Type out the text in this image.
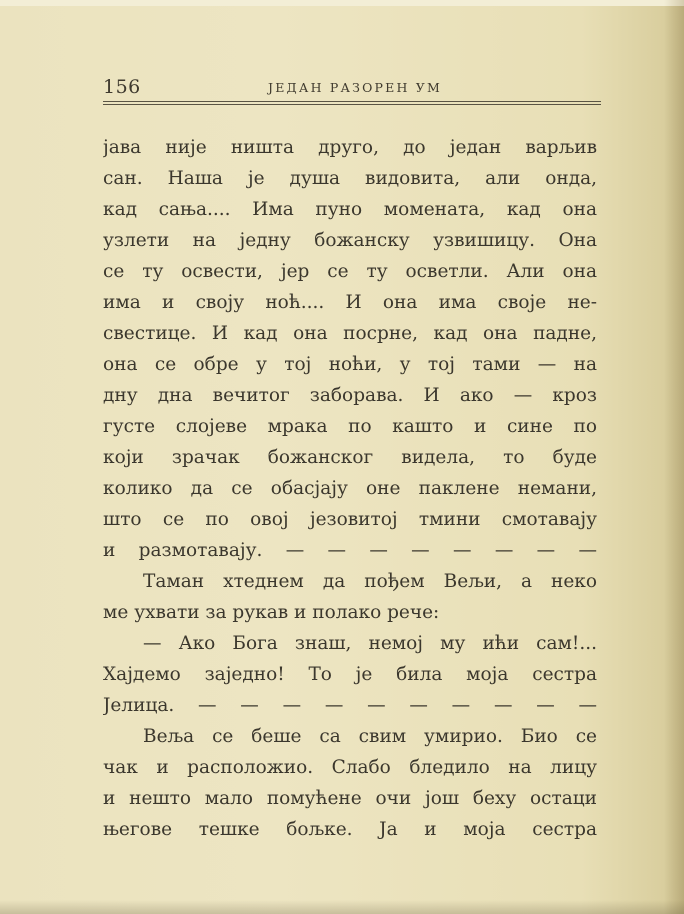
156	ЈЕДАН РАЗОРЕН УМ
јава није ништа друго, до један варљив
сан. Наша је душа видовита, али онда,
кад сања.... Има пуно момената, кад она
узлети на једну божанску узвишицу. Она
се ту освести, јер се ту осветли. Али она
има и своју ноћ.... И она има своје не-
свестице. И кад она посрне, кад она падне,
она се обре у тој ноћи, у тој тами — на
дну дна вечитог заборава. И ако — кроз
густе слојеве мрака по кашто и сине по
који зрачак божанског видела, то буде
колико да се обасјају оне паклене немани,
што се по овој језовитој тмини смотавају
и размотавају. — — — — — — — —
Таман хтеднем да пођем Вељи, а неко
ме ухвати за рукав и полако рече:
— Ако Бога знаш, немој му ићи сам!...
Хајдемо заједно! То је била моја сестра
Јелица. — — — — — — — — — —
Веља се беше са свим умирио. Био се
чак и расположио. Слабо бледило на лицу
и нешто мало помућене очи још беху остаци
његове тешке бољке. Ја и моја сестра
